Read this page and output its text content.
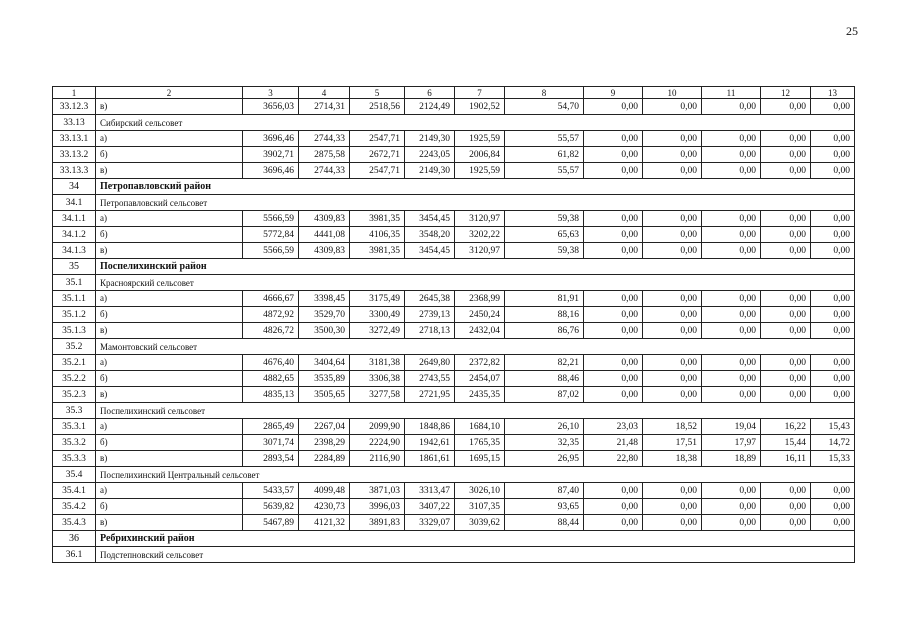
25
1	2	3	4	5	6	7	8	9	10	11	12	13
33.12.3	в)	3656,03	2714,31	2518,56	2124,49	1902,52	54,70	0,00	0,00	0,00	0,00	0,00
33.13	Сибирский сельсовет											
33.13.1	а)	3696,46	2744,33	2547,71	2149,30	1925,59	55,57	0,00	0,00	0,00	0,00	0,00
33.13.2	б)	3902,71	2875,58	2672,71	2243,05	2006,84	61,82	0,00	0,00	0,00	0,00	0,00
33.13.3	в)	3696,46	2744,33	2547,71	2149,30	1925,59	55,57	0,00	0,00	0,00	0,00	0,00
34	Петропавловский район											
34.1	Петропавловский сельсовет											
34.1.1	а)	5566,59	4309,83	3981,35	3454,45	3120,97	59,38	0,00	0,00	0,00	0,00	0,00
34.1.2	б)	5772,84	4441,08	4106,35	3548,20	3202,22	65,63	0,00	0,00	0,00	0,00	0,00
34.1.3	в)	5566,59	4309,83	3981,35	3454,45	3120,97	59,38	0,00	0,00	0,00	0,00	0,00
35	Поспелихинский район											
35.1	Красноярский сельсовет											
35.1.1	а)	4666,67	3398,45	3175,49	2645,38	2368,99	81,91	0,00	0,00	0,00	0,00	0,00
35.1.2	б)	4872,92	3529,70	3300,49	2739,13	2450,24	88,16	0,00	0,00	0,00	0,00	0,00
35.1.3	в)	4826,72	3500,30	3272,49	2718,13	2432,04	86,76	0,00	0,00	0,00	0,00	0,00
35.2	Мамонтовский сельсовет											
35.2.1	а)	4676,40	3404,64	3181,38	2649,80	2372,82	82,21	0,00	0,00	0,00	0,00	0,00
35.2.2	б)	4882,65	3535,89	3306,38	2743,55	2454,07	88,46	0,00	0,00	0,00	0,00	0,00
35.2.3	в)	4835,13	3505,65	3277,58	2721,95	2435,35	87,02	0,00	0,00	0,00	0,00	0,00
35.3	Поспелихинский сельсовет											
35.3.1	а)	2865,49	2267,04	2099,90	1848,86	1684,10	26,10	23,03	18,52	19,04	16,22	15,43
35.3.2	б)	3071,74	2398,29	2224,90	1942,61	1765,35	32,35	21,48	17,51	17,97	15,44	14,72
35.3.3	в)	2893,54	2284,89	2116,90	1861,61	1695,15	26,95	22,80	18,38	18,89	16,11	15,33
35.4	Поспелихинский Центральный сельсовет											
35.4.1	а)	5433,57	4099,48	3871,03	3313,47	3026,10	87,40	0,00	0,00	0,00	0,00	0,00
35.4.2	б)	5639,82	4230,73	3996,03	3407,22	3107,35	93,65	0,00	0,00	0,00	0,00	0,00
35.4.3	в)	5467,89	4121,32	3891,83	3329,07	3039,62	88,44	0,00	0,00	0,00	0,00	0,00
36	Ребрихинский район											
36.1	Подстепновский сельсовет											
